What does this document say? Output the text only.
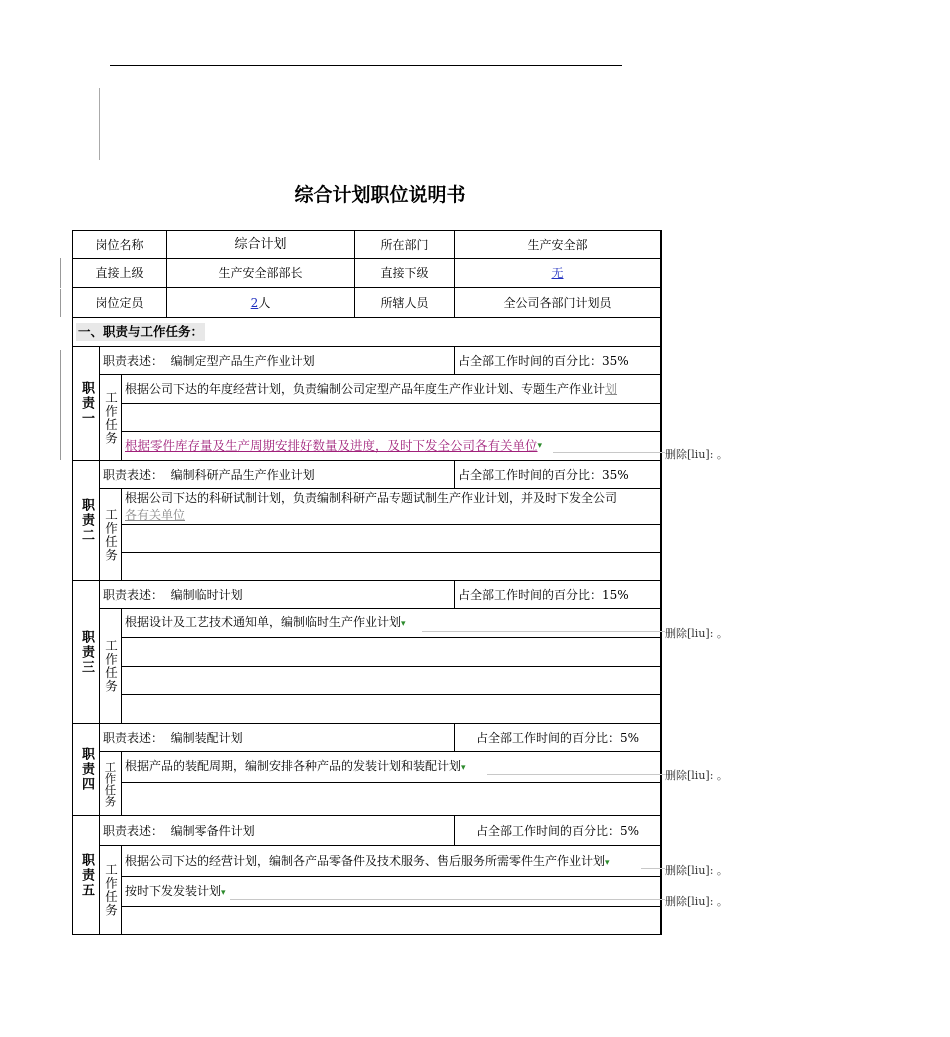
综合计划职位说明书
岗位名称	综合计划	所在部门	生产安全部
直接上级	生产安全部部长	直接下级	无
岗位定员	2 人	所辖人员	全公司各部门计划员
一、职责与工作任务：
职责一
职责表述：
编制定型产品生产作业计划	占全部工作时间的百分比：35%
工作任务
根据公司下达的年度经营计划，负责编制公司定型产品年度生产作业计划、专题生产作业计 划
根据零件库存量及生产周期安排好数量及进度，及时下发全公司各有关单位 ▾
职责二
职责表述：
编制科研产品生产作业计划	占全部工作时间的百分比：35%
工作任务
根据公司下达的科研试制计划，负责编制科研产品专题试制生产作业计划，并及时下发全公司
各有关单位
职责三
职责表述：
编制临时计划	占全部工作时间的百分比：15%
工作任务
根据设计及工艺技术通知单，编制临时生产作业计划▾
职责四
职责表述：
编制装配计划	占全部工作时间的百分比：5%
工作任务 根据产品的装配周期，编制安排各种产品的发装计划和装配计划▾
职责五
职责表述：
编制零备件计划	占全部工作时间的百分比：5%
工作任务
根据公司下达的经营计划，编制各产品零备件及技术服务、售后服务所需零件生产作业计划▾
按时下发发装计划▾
删除[liu]: 。
删除[liu]: 。
删除[liu]: 。
删除[liu]: 。
删除[liu]: 。
